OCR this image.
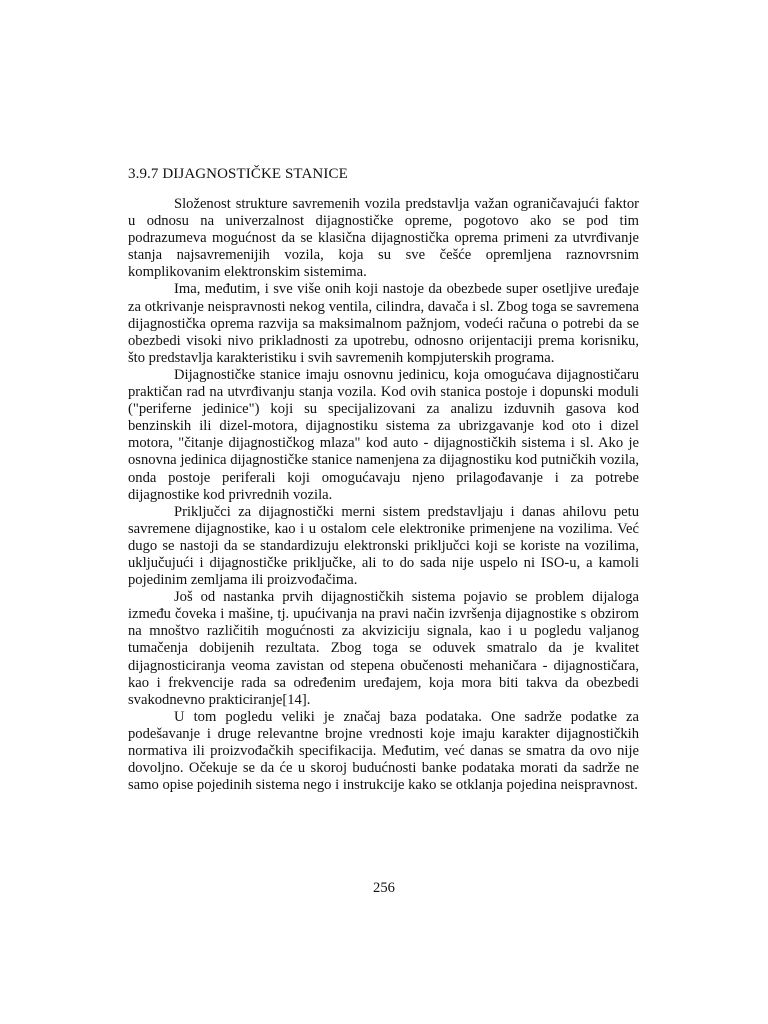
3.9.7 DIJAGNOSTIČKE STANICE

Složenost strukture savremenih vozila predstavlja važan ograničavajući faktor u odnosu na univerzalnost dijagnostičke opreme, pogotovo ako se pod tim podrazumeva mogućnost da se klasična dijagnostička oprema primeni za utvrđivanje stanja najsavremenijih vozila, koja su sve češće opremljena raznovrsnim komplikovanim elektronskim sistemima.

Ima, međutim, i sve više onih koji nastoje da obezbede super osetljive uređaje za otkrivanje neispravnosti nekog ventila, cilindra, davača i sl. Zbog toga se savremena dijagnostička oprema razvija sa maksimalnom pažnjom, vodeći računa o potrebi da se obezbedi visoki nivo prikladnosti za upotrebu, odnosno orijentaciji prema korisniku, što predstavlja karakteristiku i svih savremenih kompjuterskih programa.

Dijagnostičke stanice imaju osnovnu jedinicu, koja omogućava dijagnostičaru praktičan rad na utvrđivanju stanja vozila. Kod ovih stanica postoje i dopunski moduli ("periferne jedinice") koji su specijalizovani za analizu izduvnih gasova kod benzinskih ili dizel-motora, dijagnostiku sistema za ubrizgavanje kod oto i dizel motora, "čitanje dijagnostičkog mlaza" kod auto - dijagnostičkih sistema i sl. Ako je osnovna jedinica dijagnostičke stanice namenjena za dijagnostiku kod putničkih vozila, onda postoje periferali koji omogućavaju njeno prilagođavanje i za potrebe dijagnostike kod privrednih vozila.

Priključci za dijagnostički merni sistem predstavljaju i danas ahilovu petu savremene dijagnostike, kao i u ostalom cele elektronike primenjene na vozilima. Već dugo se nastoji da se standardizuju elektronski priključci koji se koriste na vozilima, uključujući i dijagnostičke priključke, ali to do sada nije uspelo ni ISO-u, a kamoli pojedinim zemljama ili proizvođačima.

Još od nastanka prvih dijagnostičkih sistema pojavio se problem dijaloga između čoveka i mašine, tj. upućivanja na pravi način izvršenja dijagnostike s obzirom na mnoštvo različitih mogućnosti za akviziciju signala, kao i u pogledu valjanog tumačenja dobijenih rezultata. Zbog toga se oduvek smatralo da je kvalitet dijagnosticiranja veoma zavistan od stepena obučenosti mehaničara - dijagnostičara, kao i frekvencije rada sa određenim uređajem, koja mora biti takva da obezbedi svakodnevno prakticiranje[14].

U tom pogledu veliki je značaj baza podataka. One sadrže podatke za podešavanje i druge relevantne brojne vrednosti koje imaju karakter dijagnostičkih normativa ili proizvođačkih specifikacija. Međutim, već danas se smatra da ovo nije dovoljno. Očekuje se da će u skoroj budućnosti banke podataka morati da sadrže ne samo opise pojedinih sistema nego i instrukcije kako se otklanja pojedina neispravnost.

256
